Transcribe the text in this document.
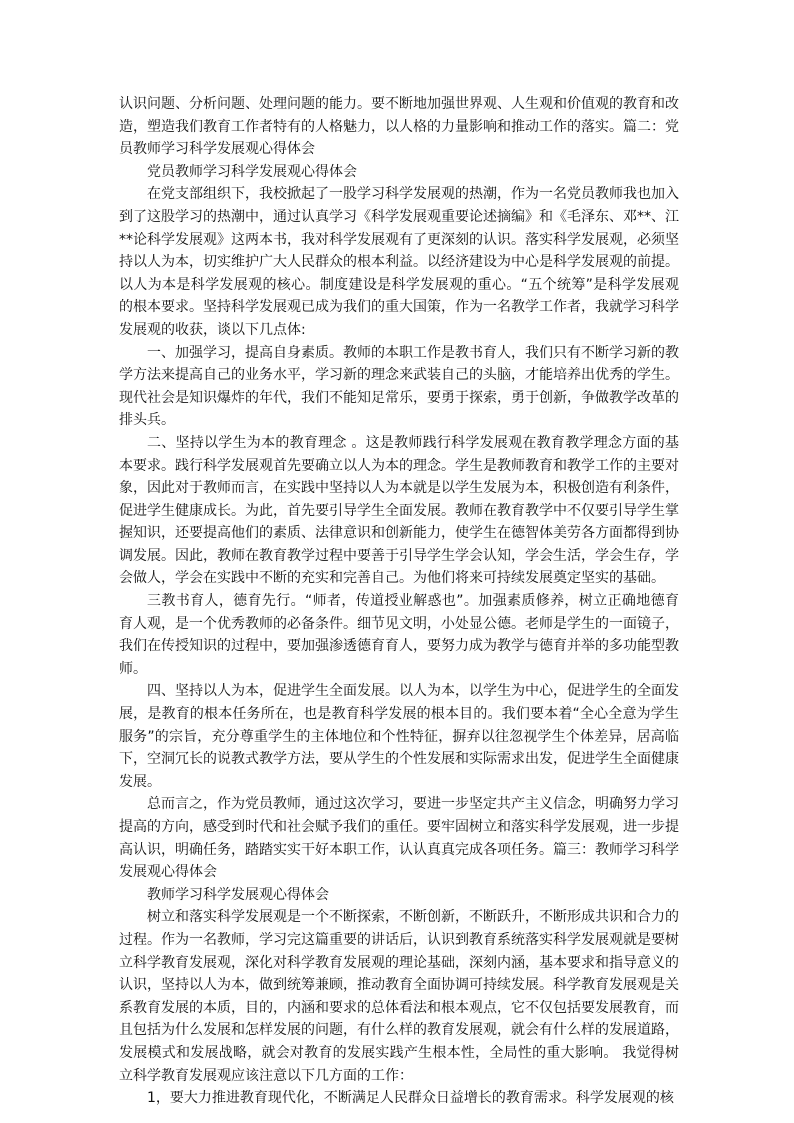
认识问题、分析问题、处理问题的能力。要不断地加强世界观、人生观和价值观的教育和改造，塑造我们教育工作者特有的人格魅力，以人格的力量影响和推动工作的落实。篇二：党员教师学习科学发展观心得体会

党员教师学习科学发展观心得体会

在党支部组织下，我校掀起了一股学习科学发展观的热潮，作为一名党员教师我也加入到了这股学习的热潮中，通过认真学习《科学发展观重要论述摘编》和《毛泽东、邓**、江**论科学发展观》这两本书，我对科学发展观有了更深刻的认识。落实科学发展观，必须坚持以人为本，切实维护广大人民群众的根本利益。以经济建设为中心是科学发展观的前提。以人为本是科学发展观的核心。制度建设是科学发展观的重心。“五个统筹”是科学发展观的根本要求。坚持科学发展观已成为我们的重大国策，作为一名教学工作者，我就学习科学发展观的收获，谈以下几点体:

一、加强学习，提高自身素质。教师的本职工作是教书育人，我们只有不断学习新的教学方法来提高自己的业务水平，学习新的理念来武装自己的头脑，才能培养出优秀的学生。现代社会是知识爆炸的年代，我们不能知足常乐，要勇于探索，勇于创新，争做教学改革的排头兵。

二、坚持以学生为本的教育理念 。这是教师践行科学发展观在教育教学理念方面的基本要求。践行科学发展观首先要确立以人为本的理念。学生是教师教育和教学工作的主要对象，因此对于教师而言，在实践中坚持以人为本就是以学生发展为本，积极创造有利条件，促进学生健康成长。为此，首先要引导学生全面发展。教师在教育教学中不仅要引导学生掌握知识，还要提高他们的素质、法律意识和创新能力，使学生在德智体美劳各方面都得到协调发展。因此，教师在教育教学过程中要善于引导学生学会认知，学会生活，学会生存，学会做人，学会在实践中不断的充实和完善自己。为他们将来可持续发展奠定坚实的基础。

三教书育人，德育先行。“师者，传道授业解惑也”。加强素质修养，树立正确地德育育人观，是一个优秀教师的必备条件。细节见文明，小处显公德。老师是学生的一面镜子，我们在传授知识的过程中，要加强渗透德育育人，要努力成为教学与德育并举的多功能型教师。

四、坚持以人为本，促进学生全面发展。以人为本，以学生为中心，促进学生的全面发展，是教育的根本任务所在，也是教育科学发展的根本目的。我们要本着“全心全意为学生服务”的宗旨，充分尊重学生的主体地位和个性特征，摒弃以往忽视学生个体差异，居高临下，空洞冗长的说教式教学方法，要从学生的个性发展和实际需求出发，促进学生全面健康发展。

总而言之，作为党员教师，通过这次学习，要进一步坚定共产主义信念，明确努力学习提高的方向，感受到时代和社会赋予我们的重任。要牢固树立和落实科学发展观，进一步提高认识，明确任务，踏踏实实干好本职工作，认认真真完成各项任务。篇三：教师学习科学发展观心得体会

教师学习科学发展观心得体会

树立和落实科学发展观是一个不断探索，不断创新，不断跃升，不断形成共识和合力的过程。作为一名教师，学习完这篇重要的讲话后，认识到教育系统落实科学发展观就是要树立科学教育发展观，深化对科学教育发展观的理论基础，深刻内涵，基本要求和指导意义的认识，坚持以人为本，做到统筹兼顾，推动教育全面协调可持续发展。科学教育发展观是关系教育发展的本质，目的，内涵和要求的总体看法和根本观点，它不仅包括要发展教育，而且包括为什么发展和怎样发展的问题，有什么样的教育发展观，就会有什么样的发展道路，发展模式和发展战略，就会对教育的发展实践产生根本性，全局性的重大影响。 我觉得树立科学教育发展观应该注意以下几方面的工作：

1，要大力推进教育现代化，不断满足人民群众日益增长的教育需求。科学发展观的核
